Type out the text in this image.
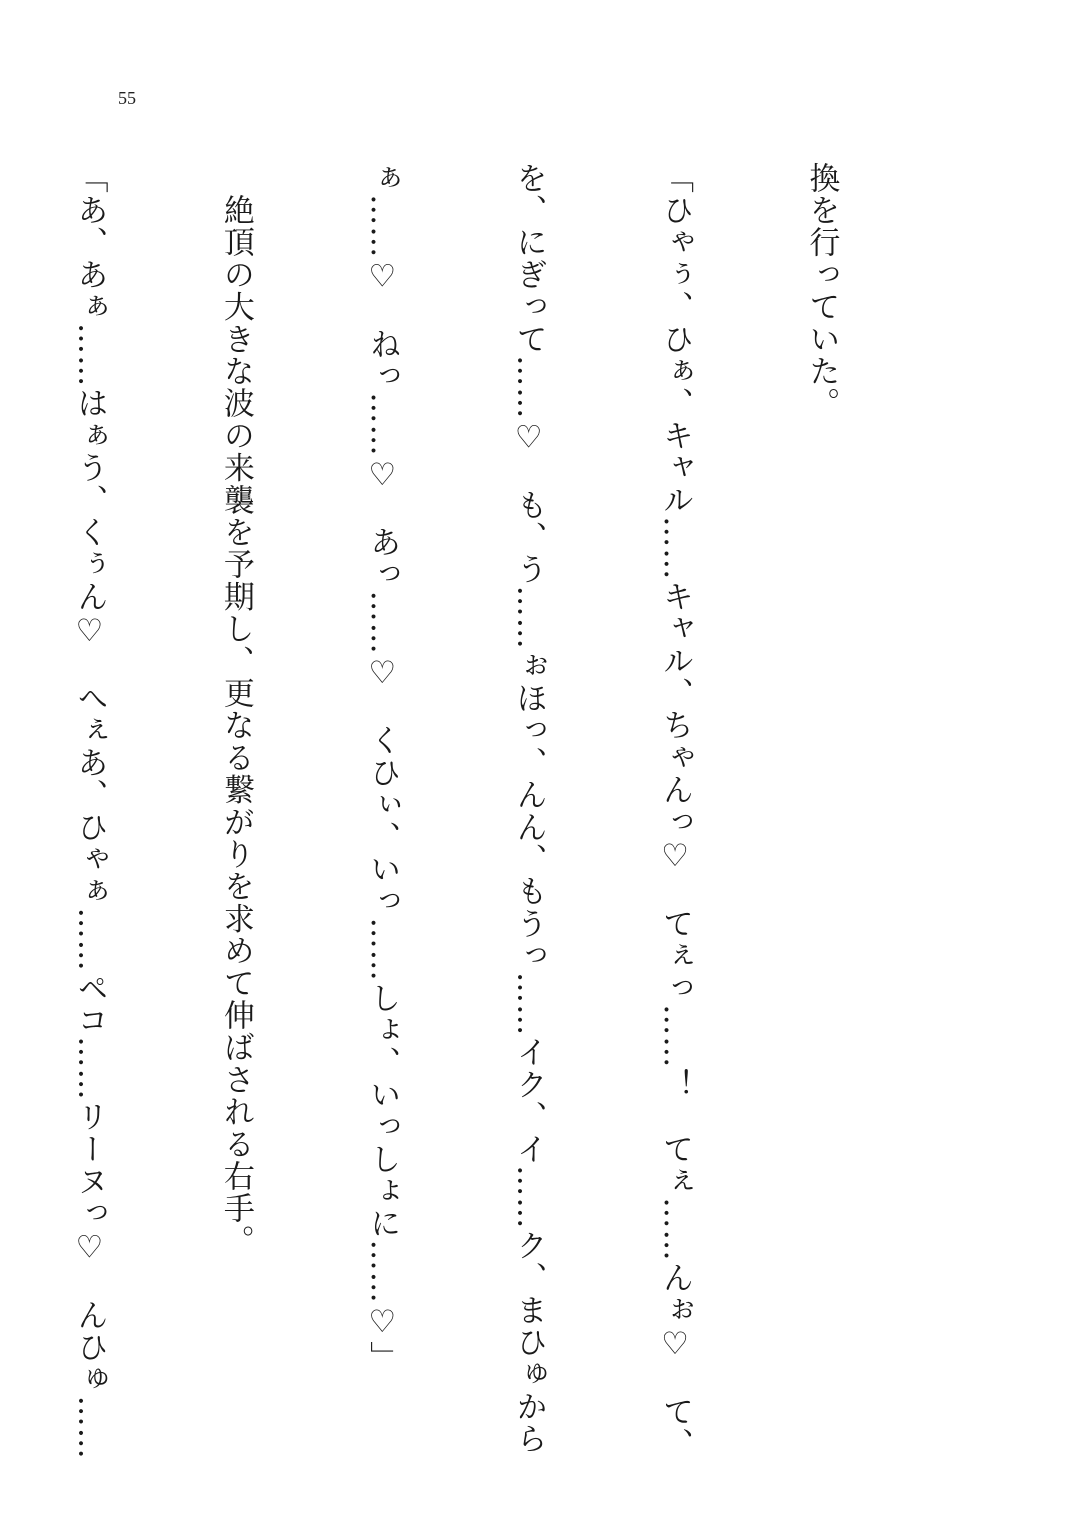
55

換を行っていた。

「ひゃぅ、ひぁ、キャル……キャル、ちゃんっ♡　てぇっ……！　てぇ……んぉ♡　て、

を、にぎって……♡　も、う……ぉほっ、んん、もうっ……イク、イ……ク、まひゅから

ぁ……♡　ねっ……♡　あっ……♡　くひぃ、いっ……しょ、いっしょに……♡」

　絶頂の大きな波の来襲を予期し、更なる繋がりを求めて伸ばされる右手。

「あ、あぁ……はぁう、くぅん♡　へぇあ、ひゃぁ……ペコ……リーヌっ♡　んひゅ……
